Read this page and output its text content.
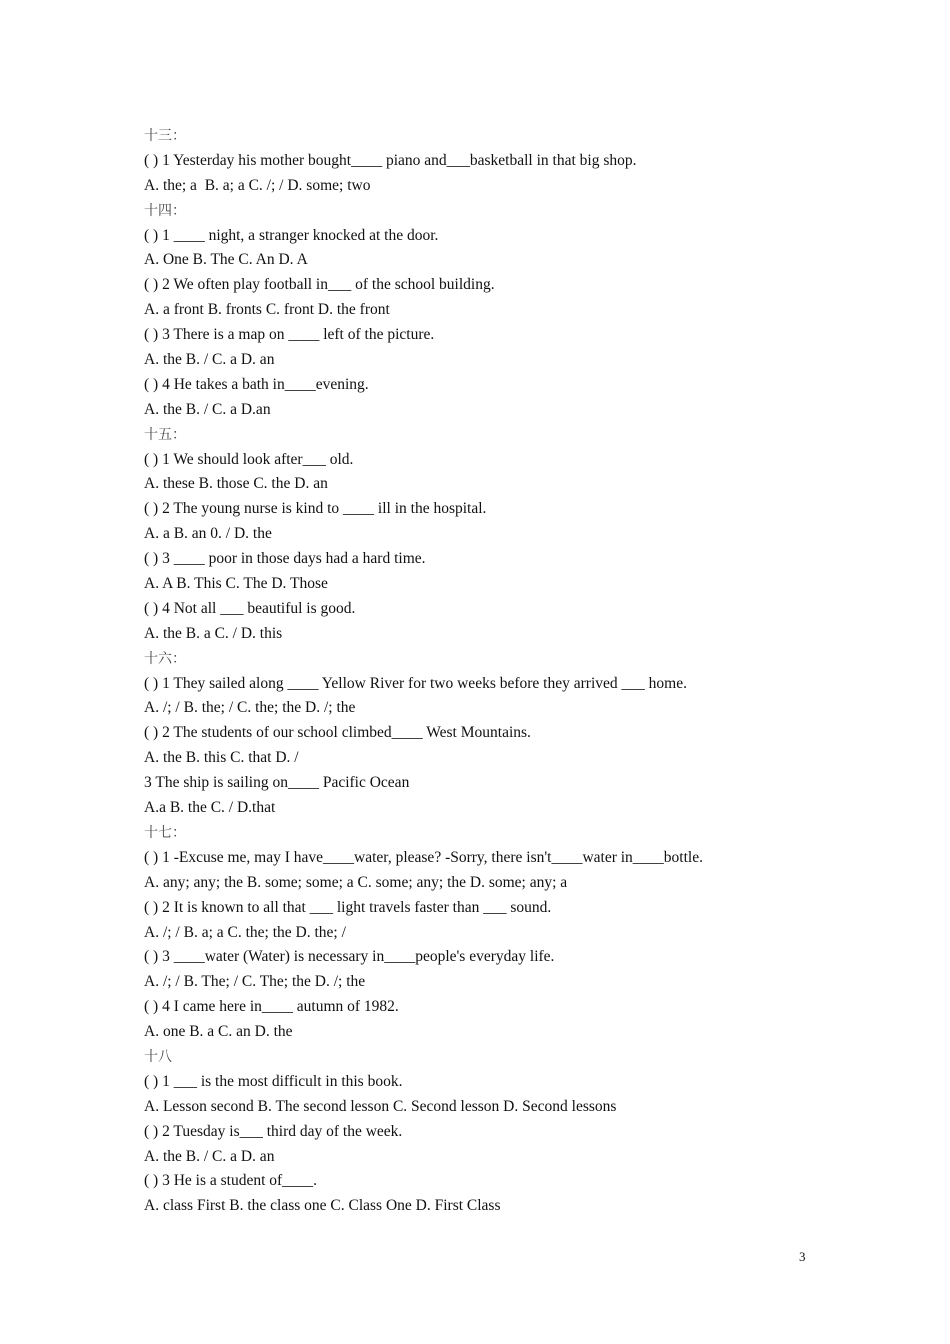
十三：
( ) 1 Yesterday his mother bought____ piano and___basketball in that big shop.
A. the; a  B. a; a C. /; / D. some; two
十四：
( ) 1 ____ night, a stranger knocked at the door.
A. One B. The C. An D. A
( ) 2 We often play football in___ of the school building.
A. a front B. fronts C. front D. the front
( ) 3 There is a map on ____ left of the picture.
A. the B. / C. a D. an
( ) 4 He takes a bath in____evening.
A. the B. / C. a D.an
十五：
( ) 1 We should look after___ old.
A. these B. those C. the D. an
( ) 2 The young nurse is kind to ____ ill in the hospital.
A. a B. an 0. / D. the
( ) 3 ____ poor in those days had a hard time.
A. A B. This C. The D. Those
( ) 4 Not all ___ beautiful is good.
A. the B. a C. / D. this
十六：
( ) 1 They sailed along ____ Yellow River for two weeks before they arrived ___ home.
A. /; / B. the; / C. the; the D. /; the
( ) 2 The students of our school climbed____ West Mountains.
A. the B. this C. that D. /
3 The ship is sailing on____ Pacific Ocean
A.a B. the C. / D.that
十七：
( ) 1 -Excuse me, may I have____water, please? -Sorry, there isn't____water in____bottle.
A. any; any; the B. some; some; a C. some; any; the D. some; any; a
( ) 2 It is known to all that ___ light travels faster than ___ sound.
A. /; / B. a; a C. the; the D. the; /
( ) 3 ____water (Water) is necessary in____people's everyday life.
A. /; / B. The; / C. The; the D. /; the
( ) 4 I came here in____ autumn of 1982.
A. one B. a C. an D. the
十八
( ) 1 ___ is the most difficult in this book.
A. Lesson second B. The second lesson C. Second lesson D. Second lessons
( ) 2 Tuesday is___ third day of the week.
A. the B. / C. a D. an
( ) 3 He is a student of____.
A. class First B. the class one C. Class One D. First Class
3
